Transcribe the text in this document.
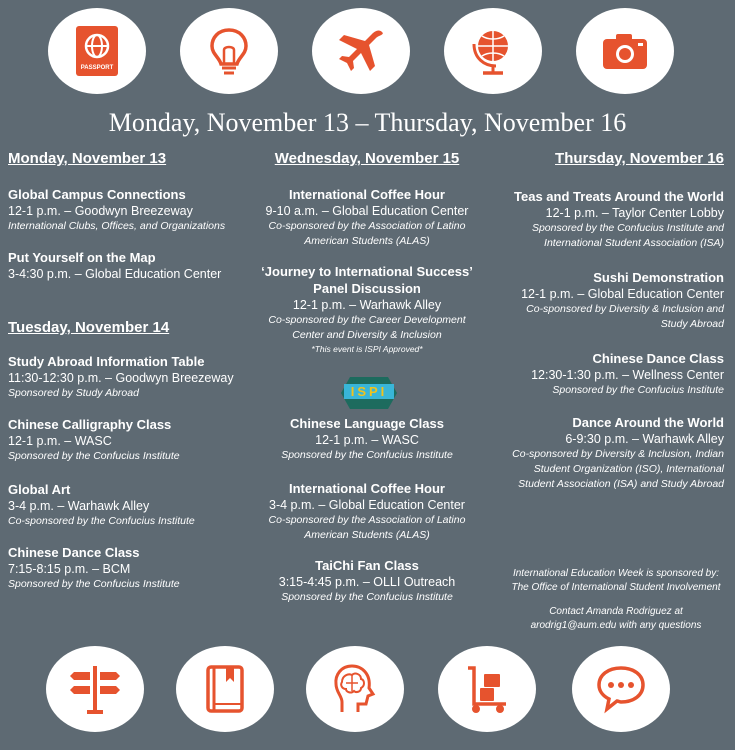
PASSPORT
Monday, November 13 – Thursday, November 16

Monday, November 13

Global Campus Connections
12-1 p.m. – Goodwyn Breezeway
International Clubs, Offices, and Organizations
Put Yourself on the Map
3-4:30 p.m. – Global Education Center

Tuesday, November 14

Study Abroad Information Table
11:30-12:30 p.m. – Goodwyn Breezeway
Sponsored by Study Abroad
Chinese Calligraphy Class
12-1 p.m. – WASC
Sponsored by the Confucius Institute
Global Art
3-4 p.m. – Warhawk Alley
Co-sponsored by the Confucius Institute
Chinese Dance Class
7:15-8:15 p.m. – BCM
Sponsored by the Confucius Institute

Wednesday, November 15

International Coffee Hour
9-10 a.m. – Global Education Center
Co-sponsored by the Association of Latino American Students (ALAS)
‘Journey to International Success’ Panel Discussion
12-1 p.m. – Warhawk Alley
Co-sponsored by the Career Development Center and Diversity & Inclusion
*This event is ISPI Approved*
Chinese Language Class
12-1 p.m. – WASC
Sponsored by the Confucius Institute
International Coffee Hour
3-4 p.m. – Global Education Center
Co-sponsored by the Association of Latino American Students (ALAS)
TaiChi Fan Class
3:15-4:45 p.m. – OLLI Outreach
Sponsored by the Confucius Institute
ISPI

Thursday, November 16

Teas and Treats Around the World
12-1 p.m. – Taylor Center Lobby
Sponsored by the Confucius Institute and International Student Association (ISA)
Sushi Demonstration
12-1 p.m. – Global Education Center
Co-sponsored by Diversity & Inclusion and Study Abroad
Chinese Dance Class
12:30-1:30 p.m. – Wellness Center
Sponsored by the Confucius Institute
Dance Around the World
6-9:30 p.m. – Warhawk Alley
Co-sponsored by Diversity & Inclusion, Indian Student Organization (ISO), International Student Association (ISA) and Study Abroad
International Education Week is sponsored by:
The Office of International Student Involvement
Contact Amanda Rodriguez at
arodrig1@aum.edu with any questions
